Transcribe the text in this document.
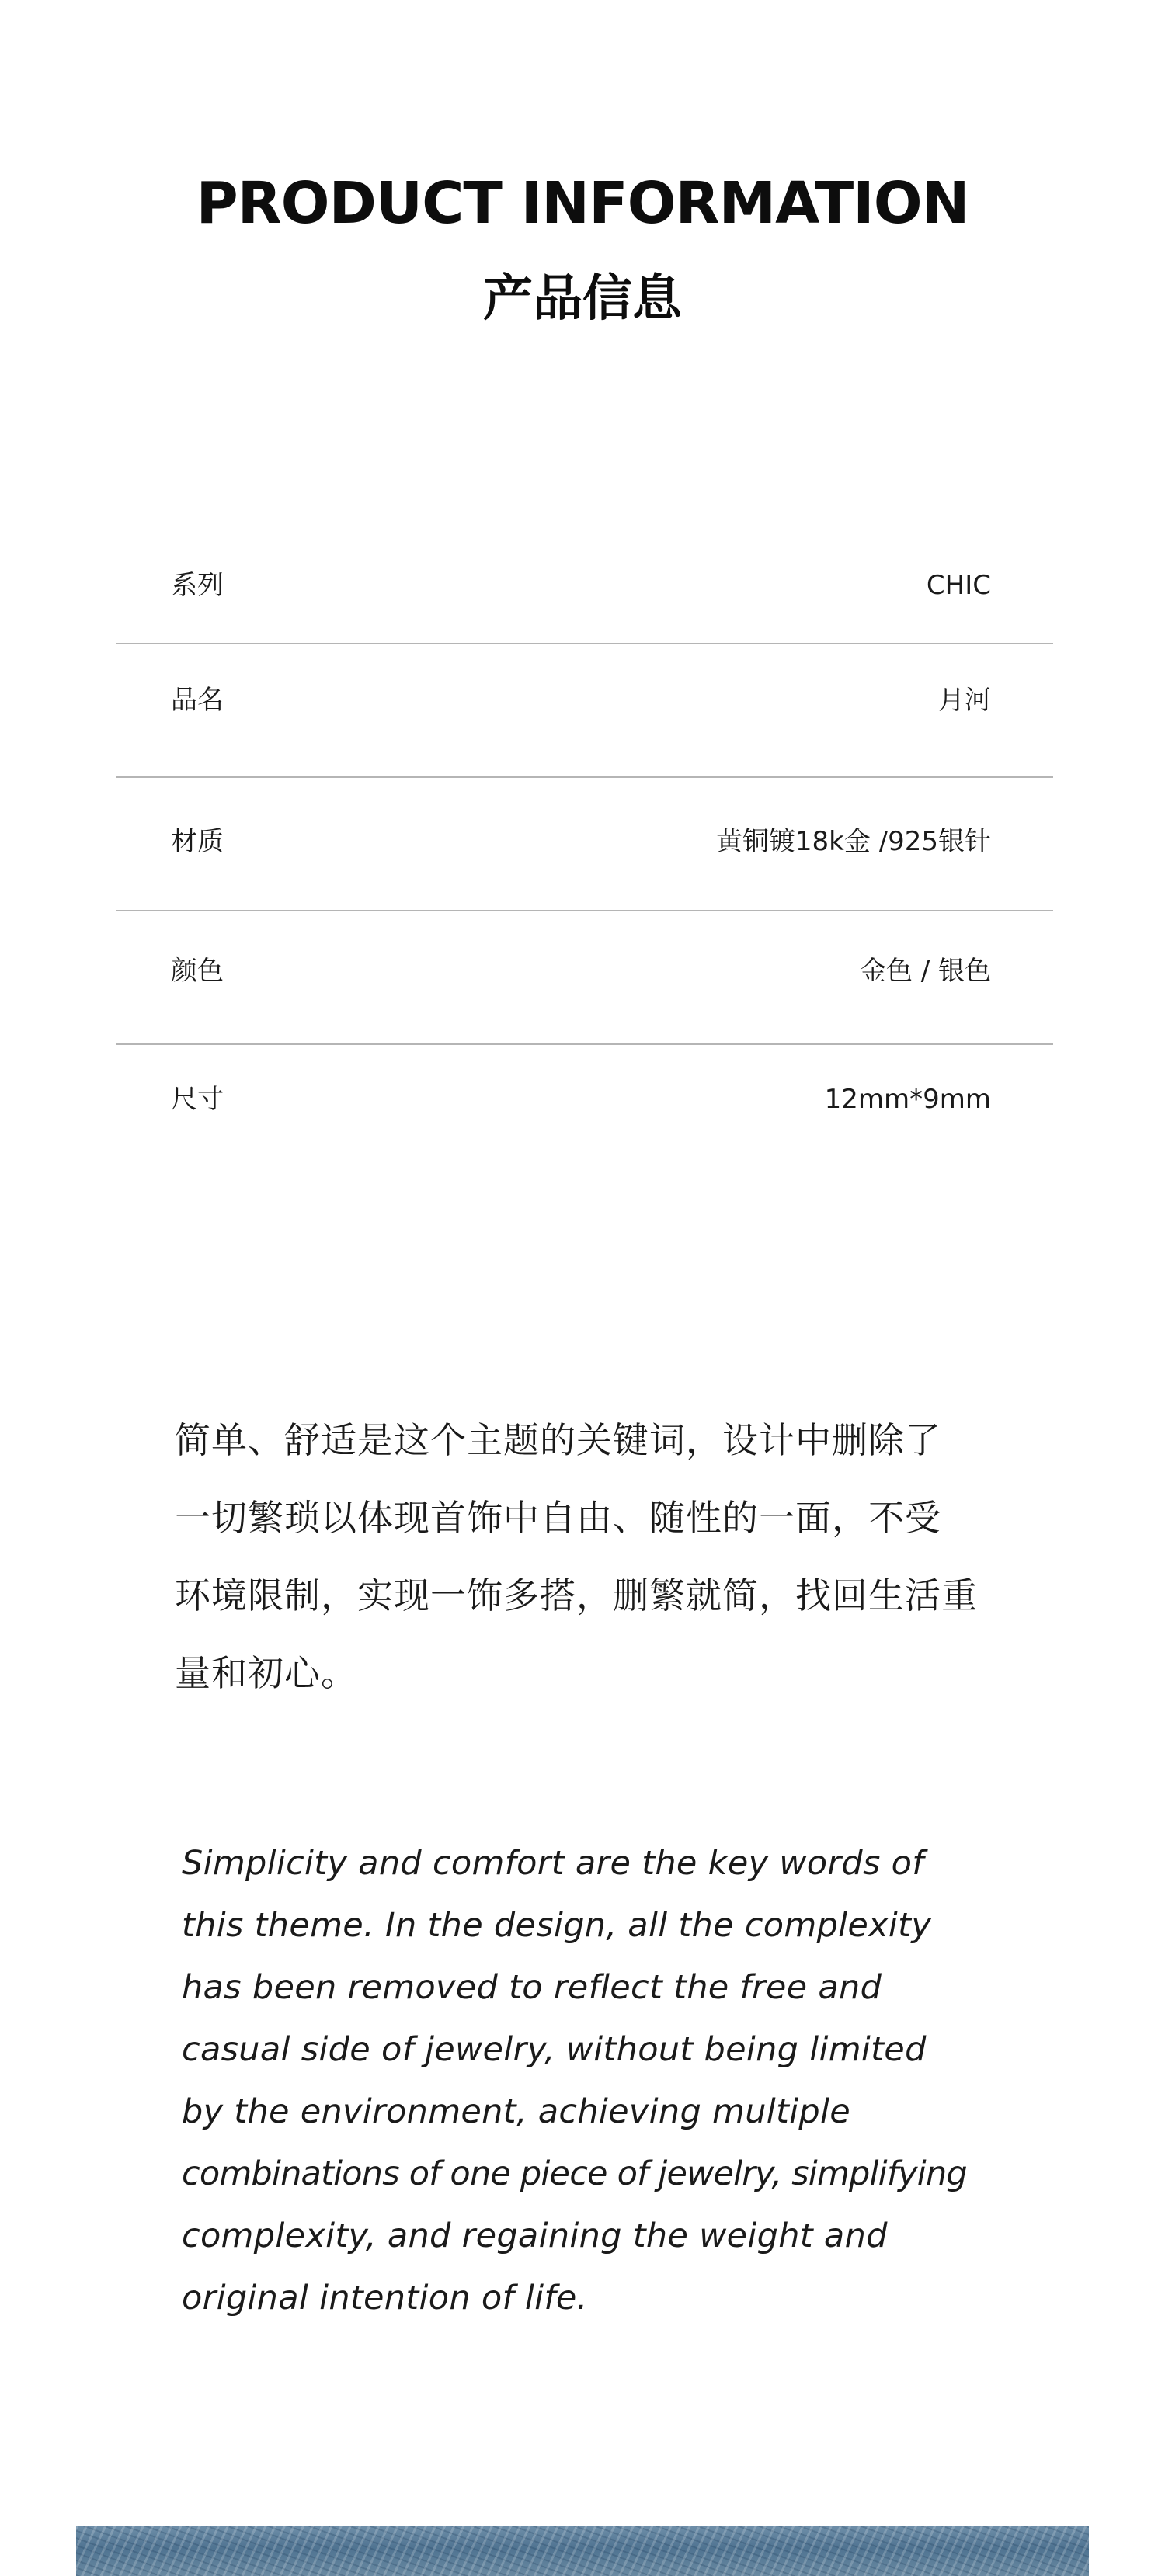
PRODUCT INFORMATION
产品信息
系列	CHIC
品名	月河
材质	黄铜镀18k金 /925银针
颜色	金色 / 银色
尺寸	12mm*9mm
简单、舒适是这个主题的关键词，设计中删除了
一切繁琐以体现首饰中自由、随性的一面，不受
环境限制，实现一饰多搭，删繁就简，找回生活重
量和初心。
Simplicity and comfort are the key words of
this theme. In the design, all the complexity
has been removed to reflect the free and
casual side of jewelry, without being limited
by the environment, achieving multiple
combinations of one piece of jewelry, simplifying
complexity, and regaining the weight and
original intention of life.
